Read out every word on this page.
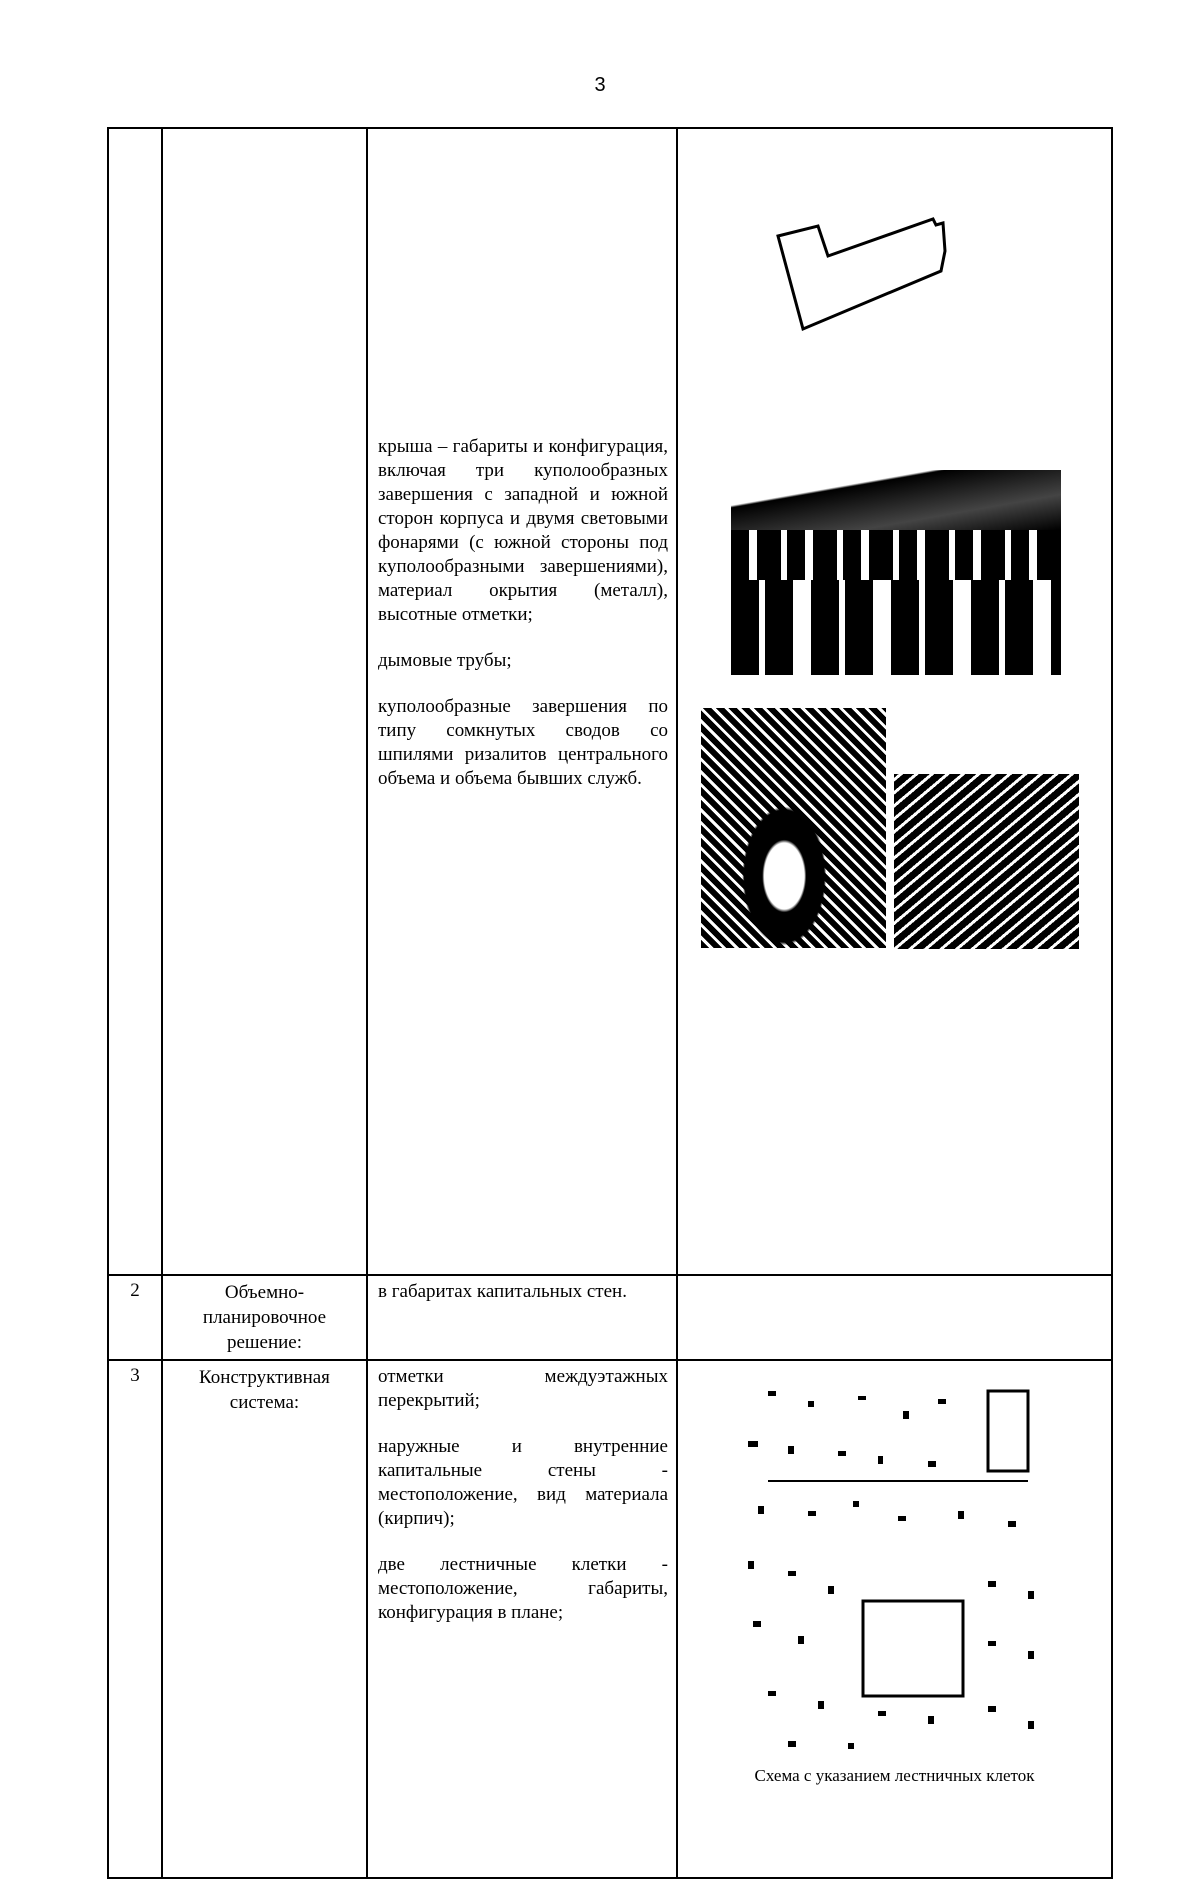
3

		крыша – габариты и конфигурация, включая три куполообразных завершения с западной и южной сторон корпуса и двумя световыми фонарями (с южной стороны под куполообразными завершениями), материал окрытия (металл), высотные отметки;

дымовые трубы;

куполообразные завершения по типу сомкнутых сводов со шпилями ризалитов центрального объема и объема бывших служб.

2	Объемно-планировочное решение:	в габаритах капитальных стен.	

3	Конструктивная система:	отметки междуэтажных перекрытий;

наружные и внутренние капитальные стены - местоположение, вид материала (кирпич);

две лестничные клетки - местоположение, габариты, конфигурация в плане;	Схема с указанием лестничных клеток
